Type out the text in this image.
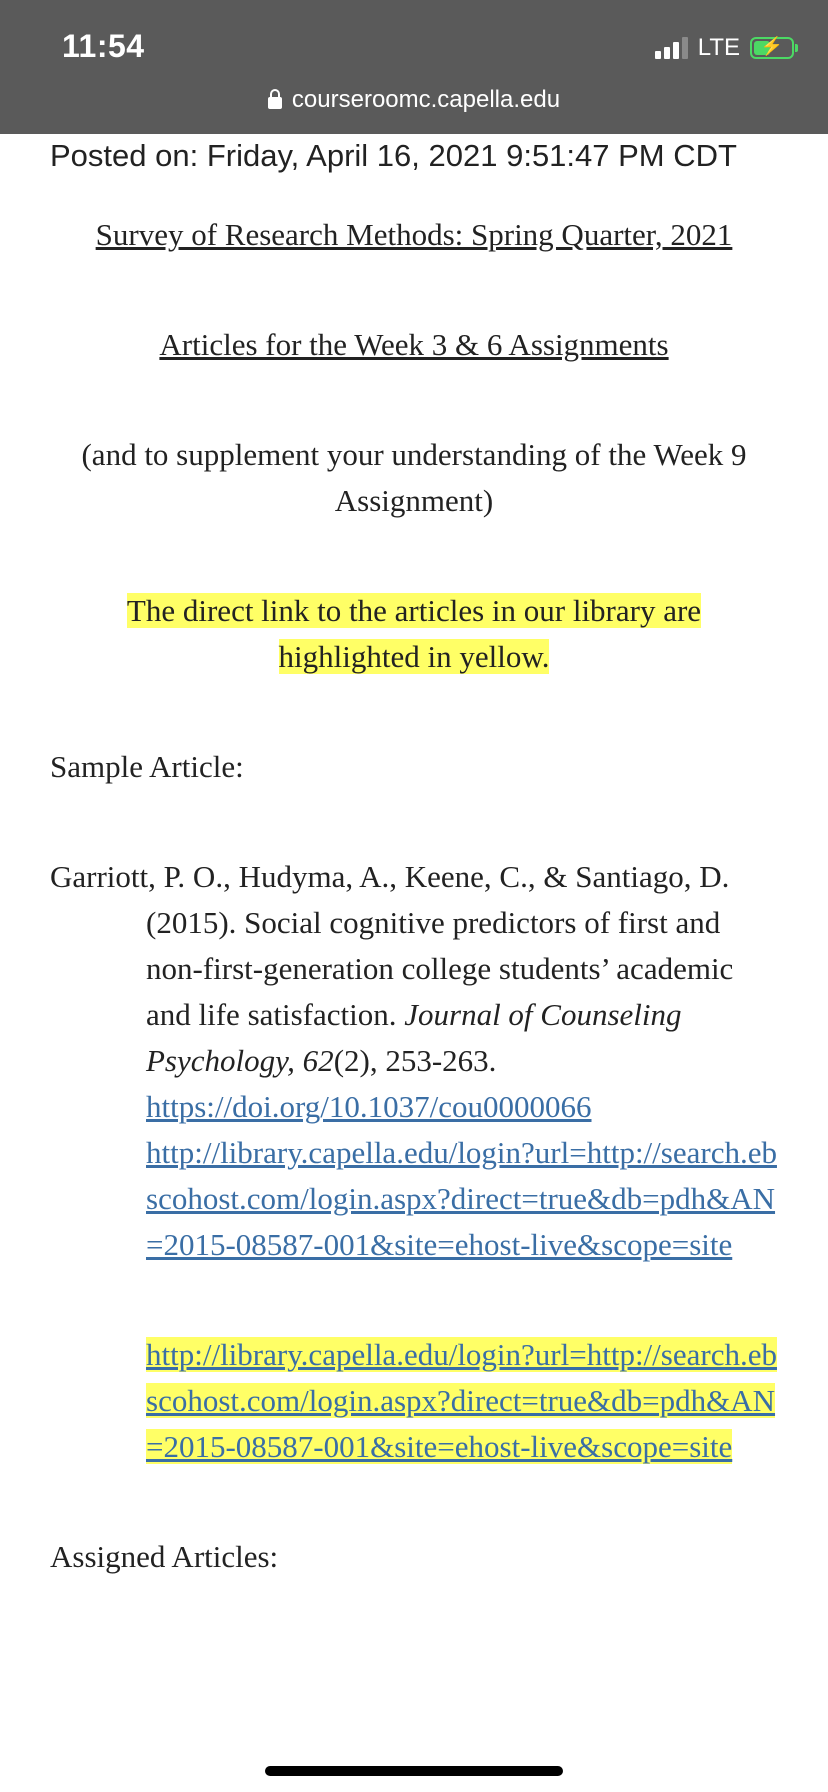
11:54	LTE	⚡
courseroomc.capella.edu

Posted on: Friday, April 16, 2021 9:51:47 PM CDT

Survey of Research Methods: Spring Quarter, 2021

Articles for the Week 3 & 6 Assignments

(and to supplement your understanding of the Week 9 Assignment)

The direct link to the articles in our library are highlighted in yellow.

Sample Article:

Garriott, P. O., Hudyma, A., Keene, C., & Santiago, D. (2015). Social cognitive predictors of first and non-first-generation college students’ academic and life satisfaction. Journal of Counseling Psychology, 62(2), 253-263.

https://doi.org/10.1037/cou0000066
http://library.capella.edu/login?url=http://search.ebscohost.com/login.aspx?direct=true&db=pdh&AN=2015-08587-001&site=ehost-live&scope=site
http://library.capella.edu/login?url=http://search.ebscohost.com/login.aspx?direct=true&db=pdh&AN=2015-08587-001&site=ehost-live&scope=site

Assigned Articles:
